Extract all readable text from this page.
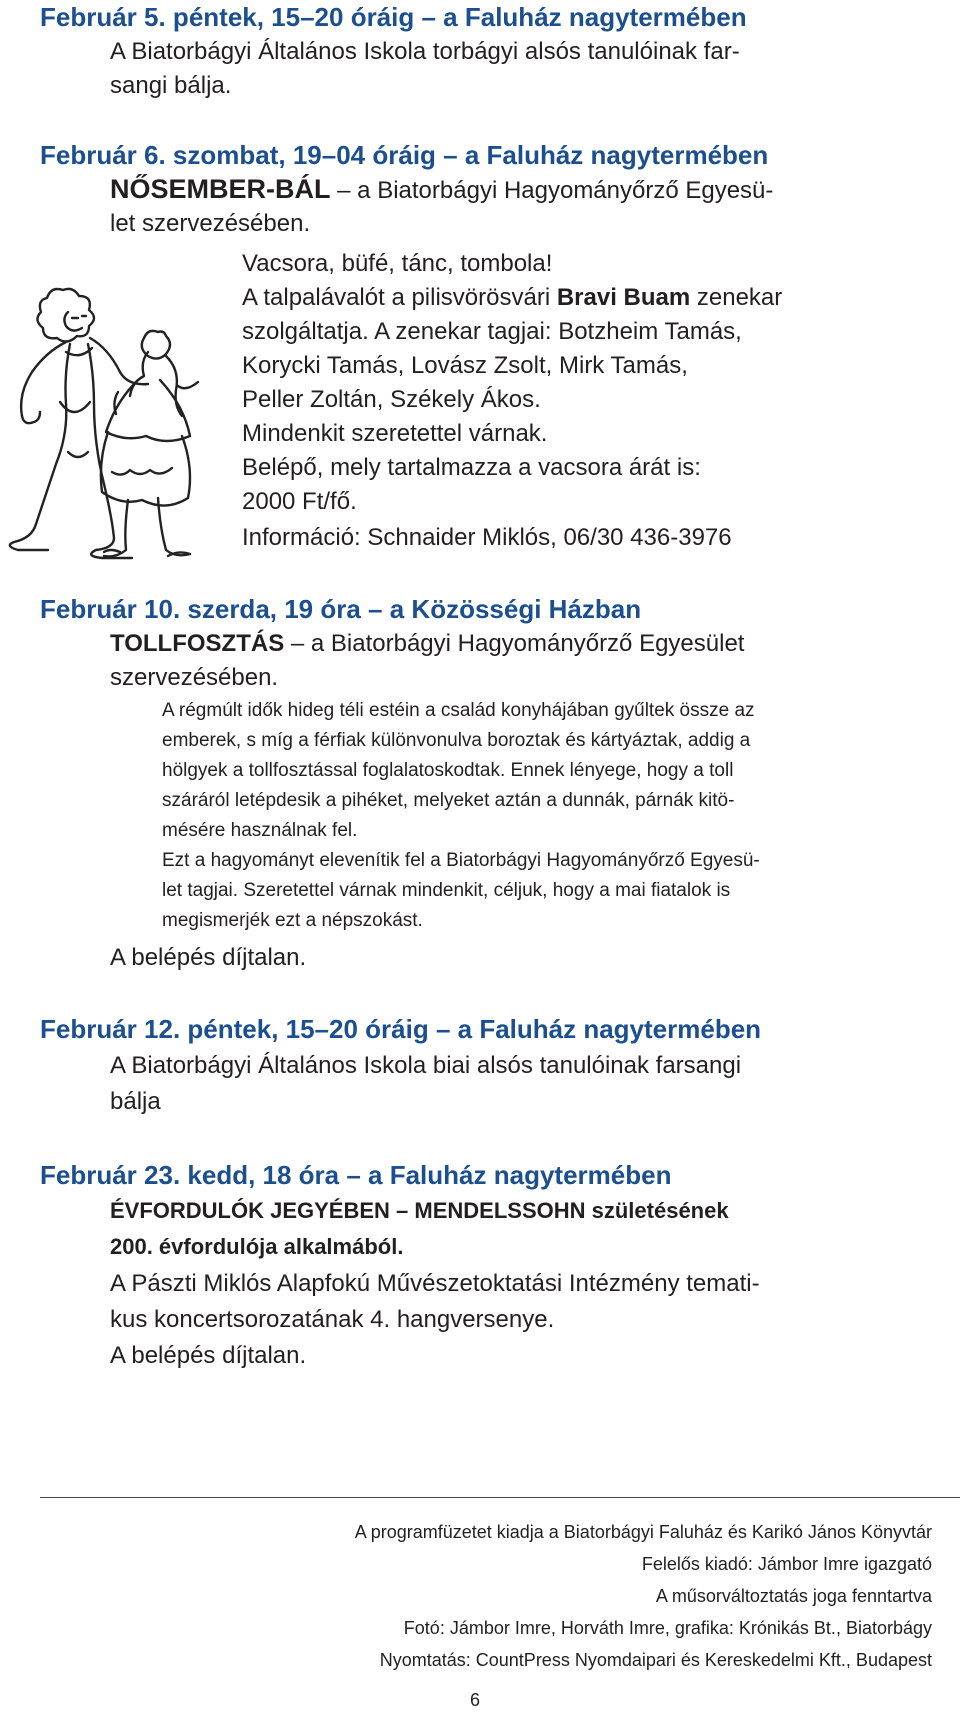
Február 5. péntek, 15–20 óráig – a Faluház nagytermében

A Biatorbágyi Általános Iskola torbágyi alsós tanulóinak far-

sangi bálja.

Február 6. szombat, 19–04 óráig – a Faluház nagytermében

NŐSEMBER-BÁL – a Biatorbágyi Hagyományőrző Egyesü-

let szervezésében.

Vacsora, büfé, tánc, tombola!

A talpalávalót a pilisvörösvári Bravi Buam zenekar

szolgáltatja. A zenekar tagjai: Botzheim Tamás,

Korycki Tamás, Lovász Zsolt, Mirk Tamás,

Peller Zoltán, Székely Ákos.

Mindenkit szeretettel várnak.

Belépő, mely tartalmazza a vacsora árát is:

2000 Ft/fő.

Információ: Schnaider Miklós, 06/30 436-3976

Február 10. szerda, 19 óra – a Közösségi Házban

TOLLFOSZTÁS – a Biatorbágyi Hagyományőrző Egyesület

szervezésében.

A régmúlt idők hideg téli estéin a család konyhájában gyűltek össze az

emberek, s míg a férfiak különvonulva boroztak és kártyáztak, addig a

hölgyek a tollfosztással foglalatoskodtak. Ennek lényege, hogy a toll

száráról letépdesik a pihéket, melyeket aztán a dunnák, párnák kitö-

mésére használnak fel.

Ezt a hagyományt elevenítik fel a Biatorbágyi Hagyományőrző Egyesü-

let tagjai. Szeretettel várnak mindenkit, céljuk, hogy a mai fiatalok is

megismerjék ezt a népszokást.

A belépés díjtalan.

Február 12. péntek, 15–20 óráig – a Faluház nagytermében

A Biatorbágyi Általános Iskola biai alsós tanulóinak farsangi

bálja

Február 23. kedd, 18 óra – a Faluház nagytermében

ÉVFORDULÓK JEGYÉBEN – MENDELSSOHN születésének

200. évfordulója alkalmából.

A Pászti Miklós Alapfokú Művészetoktatási Intézmény temati-

kus koncertsorozatának 4. hangversenye.

A belépés díjtalan.

A programfüzetet kiadja a Biatorbágyi Faluház és Karikó János Könyvtár

Felelős kiadó: Jámbor Imre igazgató

A műsorváltoztatás joga fenntartva

Fotó: Jámbor Imre, Horváth Imre, grafika: Krónikás Bt., Biatorbágy

Nyomtatás: CountPress Nyomdaipari és Kereskedelmi Kft., Budapest

6
